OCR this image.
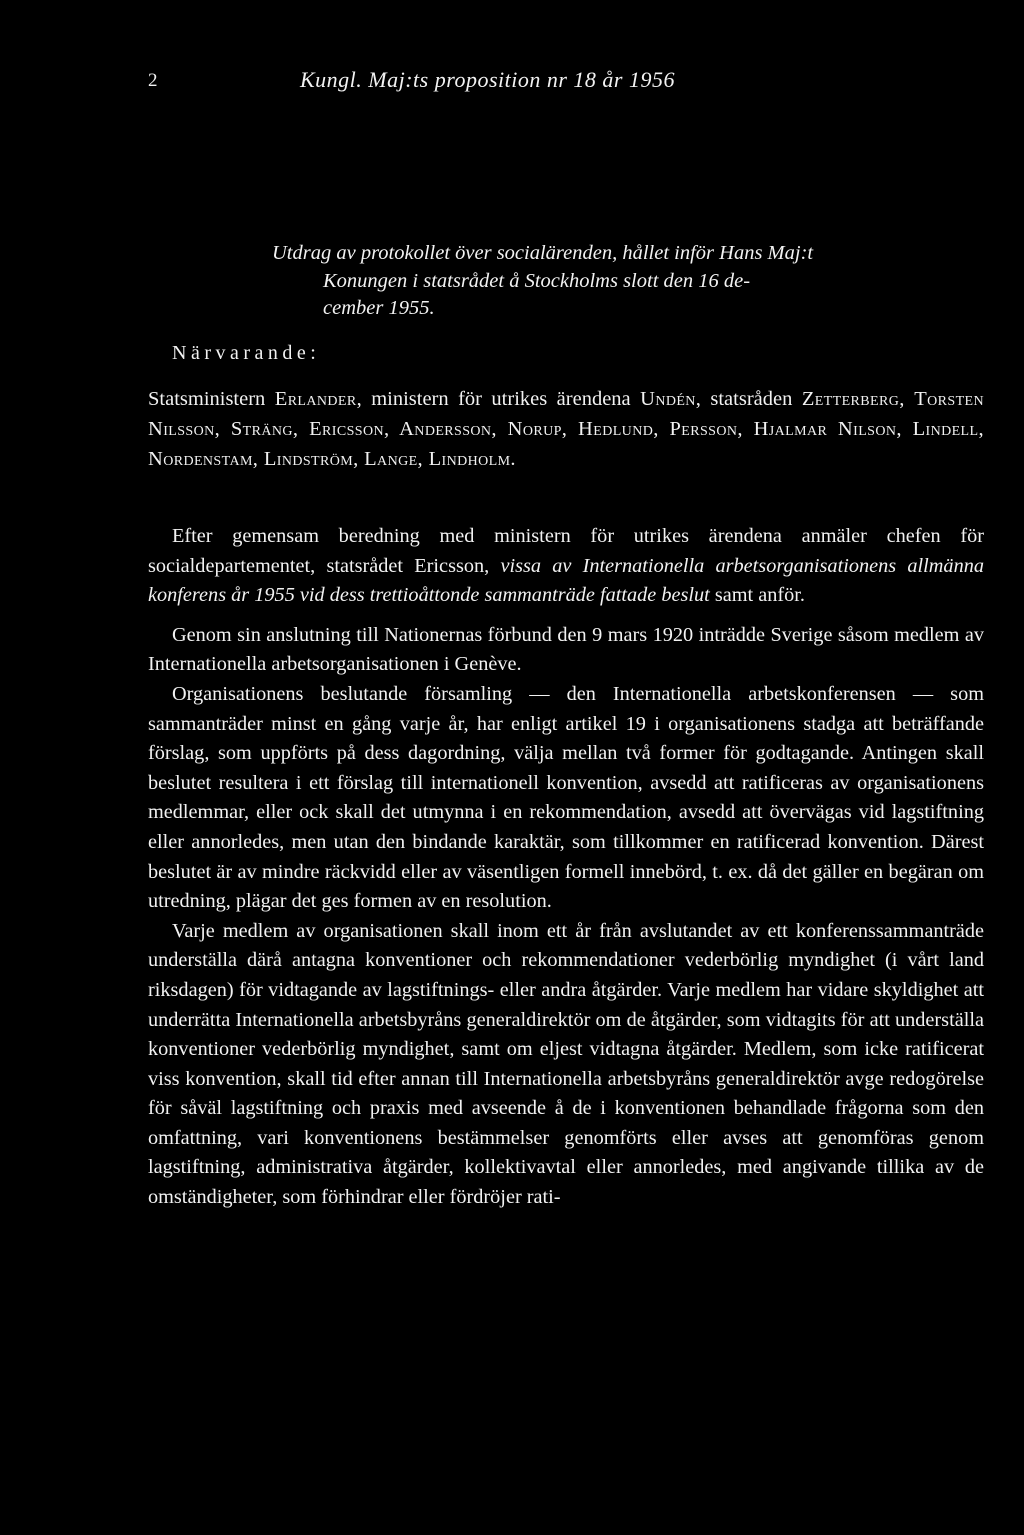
2	Kungl. Maj:ts proposition nr 18 år 1956
Utdrag av protokollet över socialärenden, hållet inför Hans Maj:t
Konungen i statsrådet å Stockholms slott den 16 de-
cember 1955.
Närvarande:
Statsministern Erlander, ministern för utrikes ärendena Undén, statsråden Zetterberg, Torsten Nilsson, Sträng, Ericsson, Andersson, Norup, Hedlund, Persson, Hjalmar Nilson, Lindell, Nordenstam, Lindström, Lange, Lindholm.

Efter gemensam beredning med ministern för utrikes ärendena anmäler chefen för socialdepartementet, statsrådet Ericsson, vissa av Internationella arbetsorganisationens allmänna konferens år 1955 vid dess trettioåttonde sammanträde fattade beslut samt anför.

Genom sin anslutning till Nationernas förbund den 9 mars 1920 inträdde Sverige såsom medlem av Internationella arbetsorganisationen i Genève.

Organisationens beslutande församling — den Internationella arbetskonferensen — som sammanträder minst en gång varje år, har enligt artikel 19 i organisationens stadga att beträffande förslag, som uppförts på dess dagordning, välja mellan två former för godtagande. Antingen skall beslutet resultera i ett förslag till internationell konvention, avsedd att ratificeras av organisationens medlemmar, eller ock skall det utmynna i en rekommendation, avsedd att övervägas vid lagstiftning eller annorledes, men utan den bindande karaktär, som tillkommer en ratificerad konvention. Därest beslutet är av mindre räckvidd eller av väsentligen formell innebörd, t. ex. då det gäller en begäran om utredning, plägar det ges formen av en resolution.

Varje medlem av organisationen skall inom ett år från avslutandet av ett konferenssammanträde underställa därå antagna konventioner och rekommendationer vederbörlig myndighet (i vårt land riksdagen) för vidtagande av lagstiftnings- eller andra åtgärder. Varje medlem har vidare skyldighet att underrätta Internationella arbetsbyråns generaldirektör om de åtgärder, som vidtagits för att underställa konventioner vederbörlig myndighet, samt om eljest vidtagna åtgärder. Medlem, som icke ratificerat viss konvention, skall tid efter annan till Internationella arbetsbyråns generaldirektör avge redogörelse för såväl lagstiftning och praxis med avseende å de i konventionen behandlade frågorna som den omfattning, vari konventionens bestämmelser genomförts eller avses att genomföras genom lagstiftning, administrativa åtgärder, kollektivavtal eller annorledes, med angivande tillika av de omständigheter, som förhindrar eller fördröjer rati-
